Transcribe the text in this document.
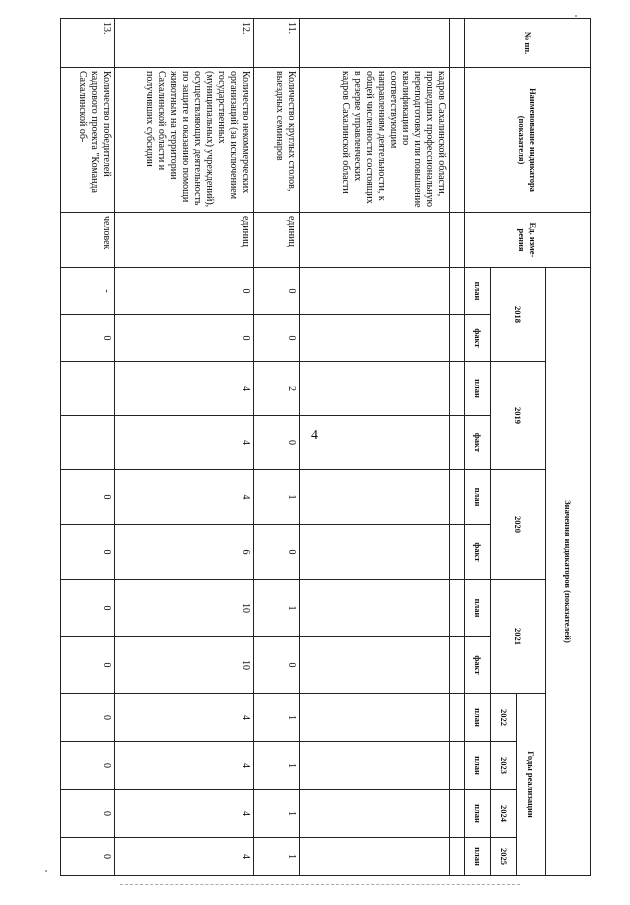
4
№ пп.	Наименование индикатора (показателя)	Ед. изме-рения	Значения индикаторов (показателей)											
			2018		2019		2020		2021		Годы реализации			
											2022	2023	2024	2025
			план	факт	план	факт	план	факт	план	факт	план	план	план	план

	кадров Сахалинской области, прошедших профессиональную переподготовку или повышение квалификации по соответствующим направлениям деятельности, к общей численности состоящих в резерве управленческих кадров Сахалинской области													
11.	Количество круглых столов, выездных семинаров	единиц	0	0	2	0	1	0	1	0	1	1	1	1
12.	Количество некоммерческих организаций (за исключением государственных (муниципальных) учреждений), осуществляющих деятельность по защите и оказанию помощи животным на территории Сахалинской области и получивших субсидии	единиц	0	0	4	4	4	6	10	10	4	4	4	4
13.	Количество победителей кадрового проекта "Команда Сахалинской об-	человек	-	0			0	0	0	0	0	0	0	0
